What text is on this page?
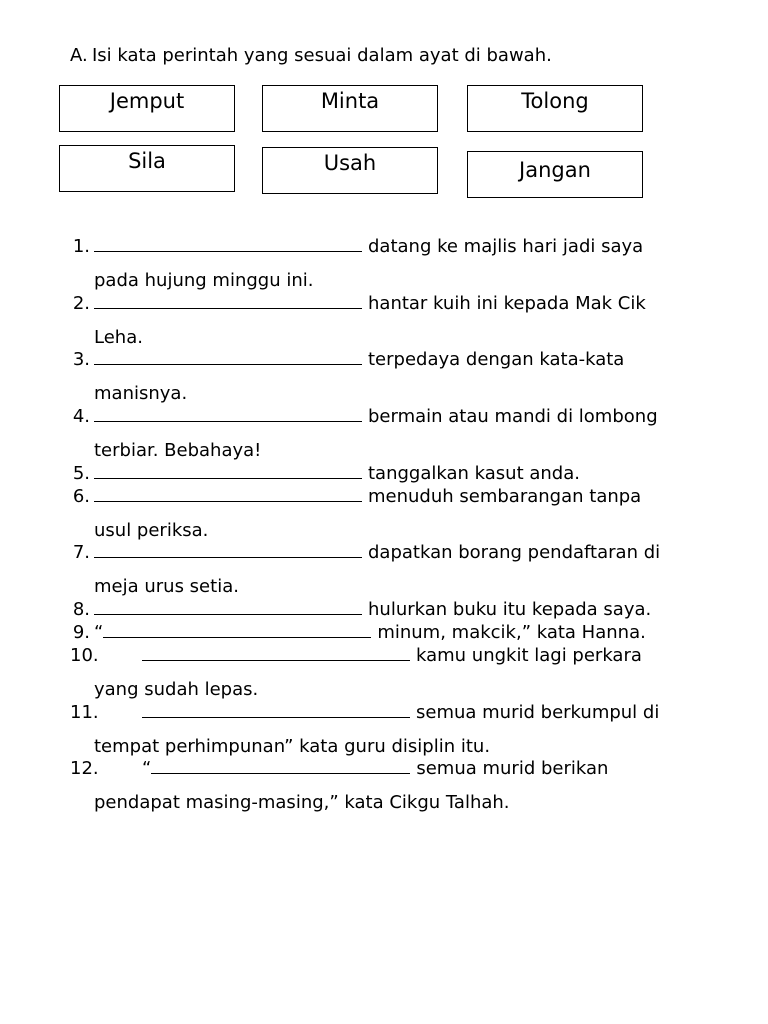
A. Isi kata perintah yang sesuai dalam ayat di bawah.
Jemput	Minta	Tolong
Sila	Usah	Jangan
1.	datang ke majlis hari jadi saya
pada hujung minggu ini.
2.	hantar kuih ini kepada Mak Cik
Leha.
3.	terpedaya dengan kata-kata
manisnya.
4.	bermain atau mandi di lombong
terbiar. Bebahaya!
5.	tanggalkan kasut anda.
6.	menuduh sembarangan tanpa
usul periksa.
7.	dapatkan borang pendaftaran di
meja urus setia.
8.	hulurkan buku itu kepada saya.
9. “	minum, makcik,” kata Hanna.
10.	kamu ungkit lagi perkara
yang sudah lepas.
11.	semua murid berkumpul di
tempat perhimpunan” kata guru disiplin itu.
12. “	semua murid berikan
pendapat masing-masing,” kata Cikgu Talhah.
